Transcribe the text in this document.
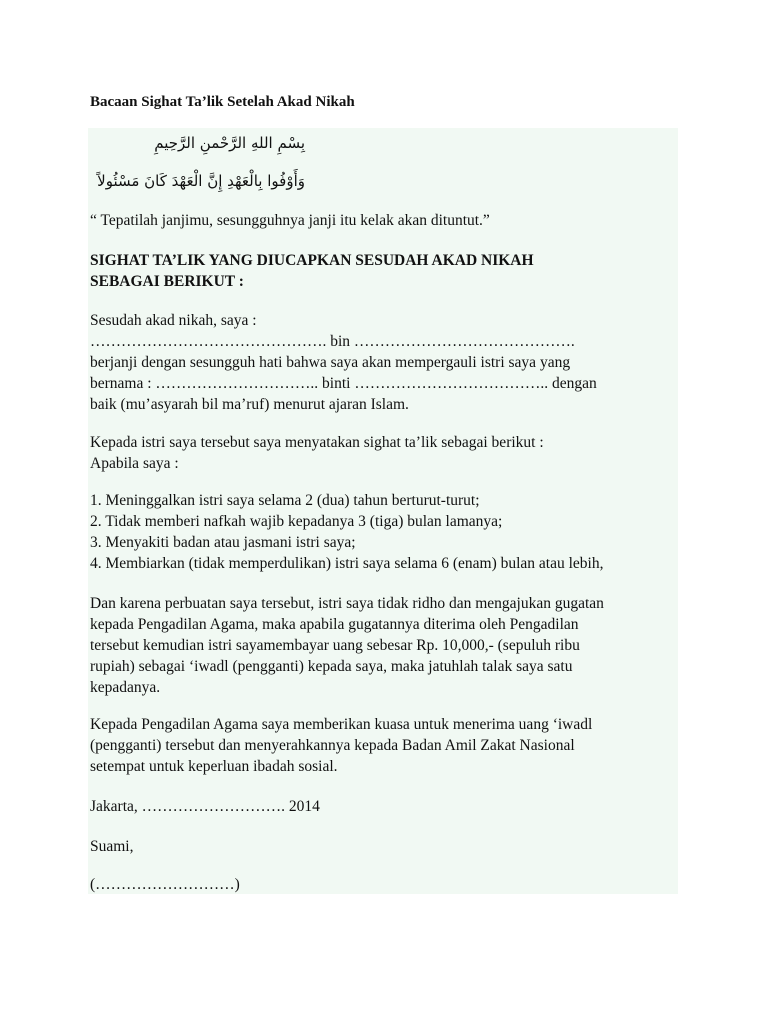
Bacaan Sighat Ta’lik Setelah Akad Nikah
بِسْمِ اللهِ الرَّحْمنِ الرَّحِيمِ
وَأَوْفُوا بِالْعَهْدِ إِنَّ الْعَهْدَ كَانَ مَسْئُولاً
“ Tepatilah janjimu, sesungguhnya janji itu kelak akan dituntut.”
SIGHAT TA’LIK YANG DIUCAPKAN SESUDAH AKAD NIKAH
SEBAGAI BERIKUT :
Sesudah akad nikah, saya :
………………………………………. bin …………………………………….
berjanji dengan sesungguh hati bahwa saya akan mempergauli istri saya yang
bernama : ………………………….. binti ……………………………….. dengan
baik (mu’asyarah bil ma’ruf) menurut ajaran Islam.
Kepada istri saya tersebut saya menyatakan sighat ta’lik sebagai berikut :
Apabila saya :
1. Meninggalkan istri saya selama 2 (dua) tahun berturut-turut;
2. Tidak memberi nafkah wajib kepadanya 3 (tiga) bulan lamanya;
3. Menyakiti badan atau jasmani istri saya;
4. Membiarkan (tidak memperdulikan) istri saya selama 6 (enam) bulan atau lebih,
Dan karena perbuatan saya tersebut, istri saya tidak ridho dan mengajukan gugatan
kepada Pengadilan Agama, maka apabila gugatannya diterima oleh Pengadilan
tersebut kemudian istri sayamembayar uang sebesar Rp. 10,000,- (sepuluh ribu
rupiah) sebagai ‘iwadl (pengganti) kepada saya, maka jatuhlah talak saya satu
kepadanya.
Kepada Pengadilan Agama saya memberikan kuasa untuk menerima uang ‘iwadl
(pengganti) tersebut dan menyerahkannya kepada Badan Amil Zakat Nasional
setempat untuk keperluan ibadah sosial.
Jakarta, ………………………. 2014
Suami,
(………………………)
